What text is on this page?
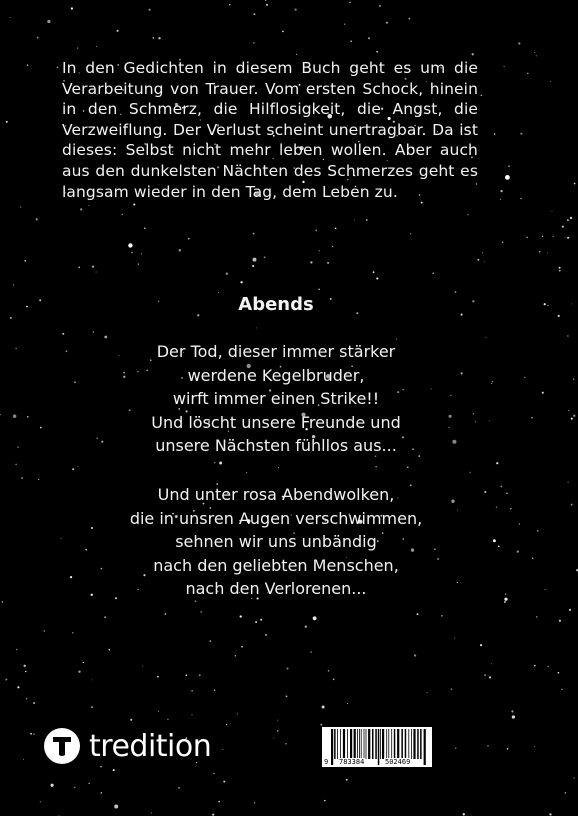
In den Gedichten in diesem Buch geht es um die Verarbeitung von Trauer. Vom ersten Schock, hinein in den Schmerz, die Hilflosigkeit, die Angst, die Verzweiflung. Der Verlust scheint unertragbar. Da ist dieses: Selbst nicht mehr leben wollen. Aber auch aus den dunkelsten Nächten des Schmerzes geht es langsam wieder in den Tag, dem Leben zu.
Abends
Der Tod, dieser immer stärker
werdene Kegelbruder,
wirft immer einen Strike!!
Und löscht unsere Freunde und
unsere Nächsten fühllos aus...
Und unter rosa Abendwolken,
die in unsren Augen verschwimmen,
sehnen wir uns unbändig
nach den geliebten Menschen,
nach den Verlorenen...
tredition	9 783384	502469
